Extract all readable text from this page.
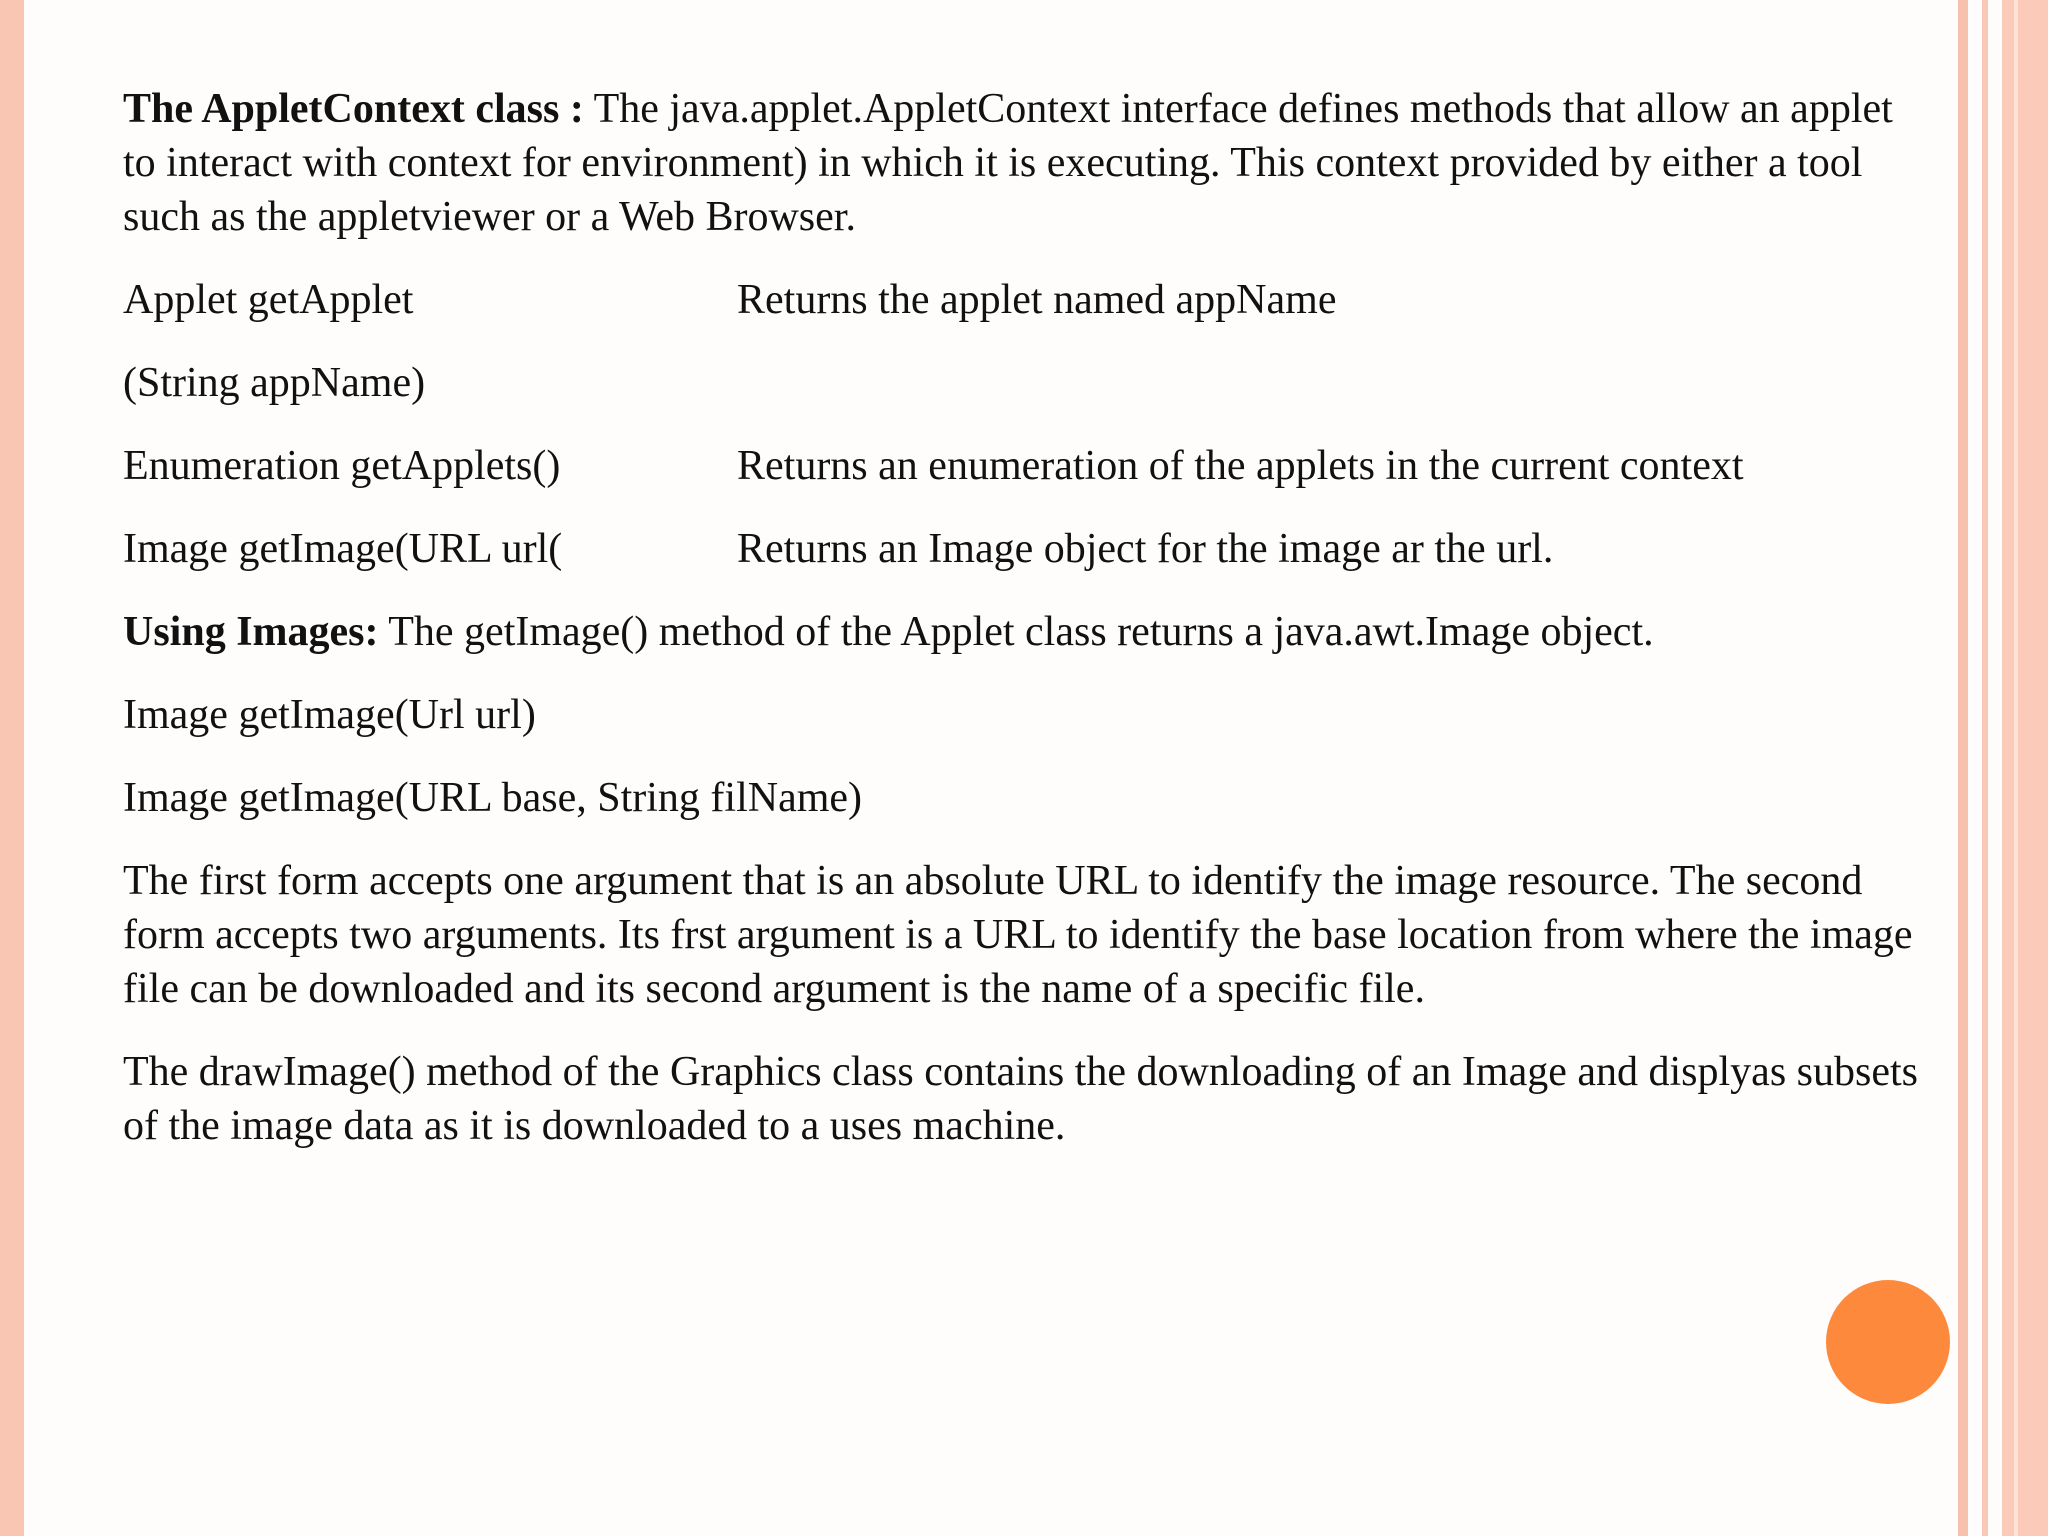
The AppletContext class : The java.applet.AppletContext interface defines methods that allow an applet to interact with context for environment) in which it is executing. This context provided by either a tool such as the appletviewer or a Web Browser.

Applet getApplet	Returns the applet named appName
(String appName)
Enumeration getApplets()	Returns an enumeration of the applets in the current context
Image getImage(URL url(	Returns an Image object for the image ar the url.

Using Images: The getImage() method of the Applet class returns a java.awt.Image object.

Image getImage(Url url)
Image getImage(URL base, String filName)

The first form accepts one argument that is an absolute URL to identify the image resource. The second form accepts two arguments. Its frst argument is a URL to identify the base location from where the image file can be downloaded and its second argument is the name of a specific file.

The drawImage() method of the Graphics class contains the downloading of an Image and displyas subsets of the image data as it is downloaded to a uses machine.
